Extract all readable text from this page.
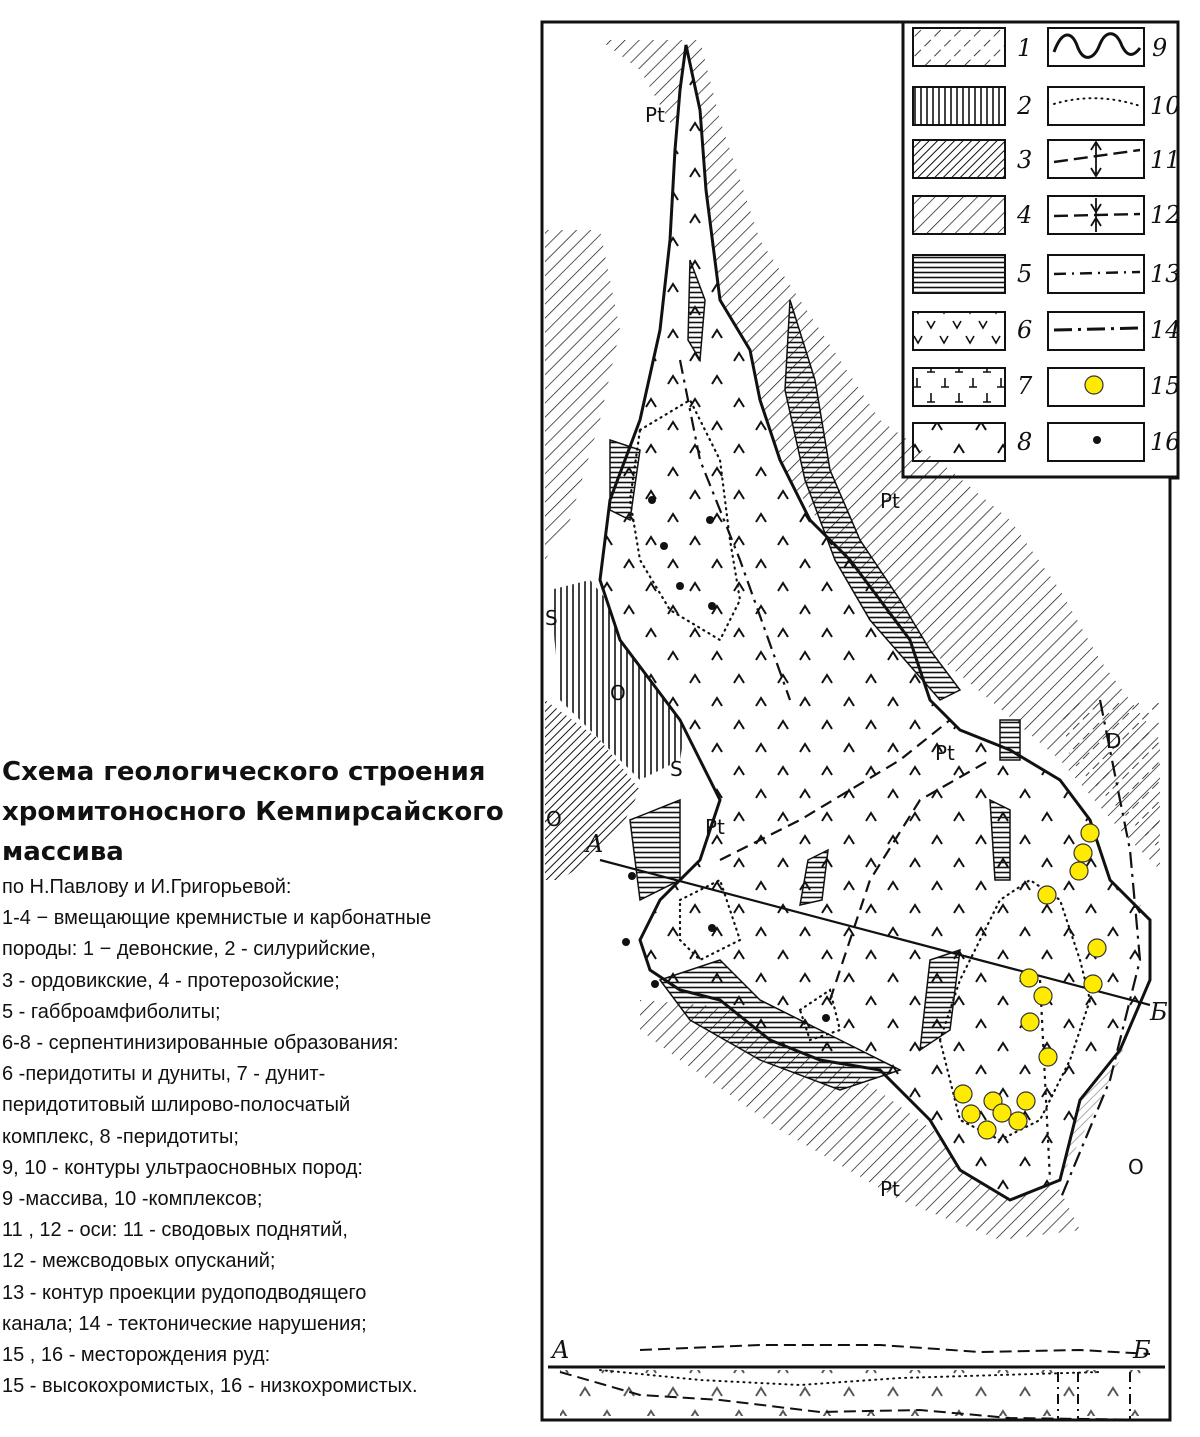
Схема геологического строения
хромитоносного Кемпирсайского
массива
по Н.Павлову и И.Григорьевой:
1-4 − вмещающие кремнистые и карбонатные
породы: 1 − девонские, 2 - силурийские,
3 - ордовикские, 4 - протерозойские;
5 - габброамфиболиты;
6-8 - серпентинизированные образования:
6 -перидотиты и дуниты, 7 - дунит-
перидотитовый шлирово-полосчатый
комплекс, 8 -перидотиты;
9, 10 - контуры ультраосновных пород:
9 -массива, 10 -комплексов;
11 , 12 - оси: 11 - сводовых поднятий,
12 - межсводовых опусканий;
13 - контур проекции рудоподводящего
канала; 14 - тектонические нарушения;
15 , 16 - месторождения руд:
15 - высокохромистых, 16 - низкохромистых.
Pt
Pt
Pt
Pt
Pt
S
S
O
O
O
D
A
Б
A	Б
1
2
3
4
5
6
7
8
9
10
11
12
13
14
15
16
